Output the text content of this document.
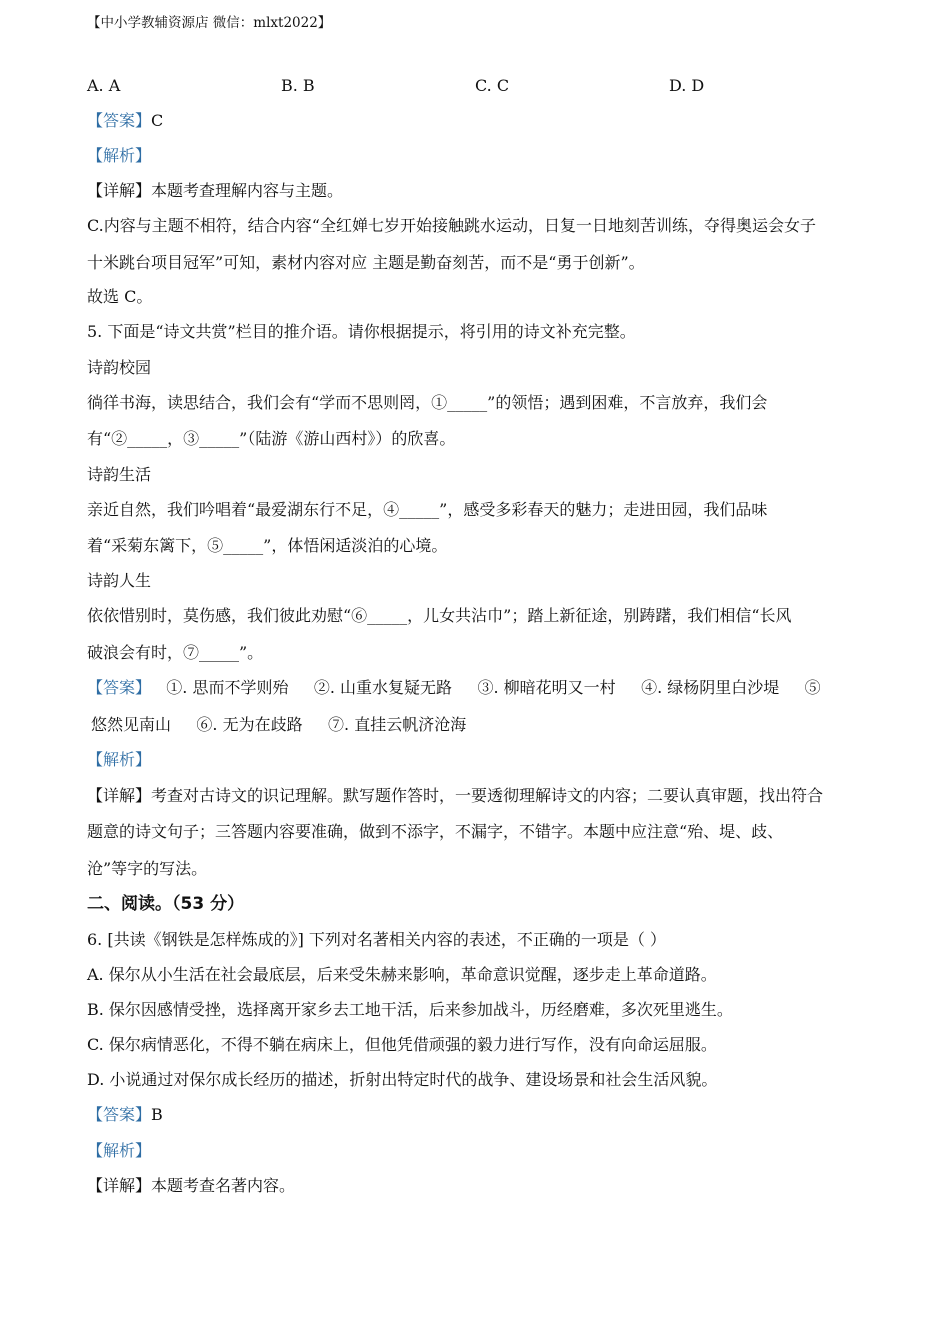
【中小学教辅资源店 微信：mlxt2022】
A. A	B. B	C. C	D. D
【答案】C
【解析】
【详解】本题考查理解内容与主题。
C.内容与主题不相符，结合内容“全红婵七岁开始接触跳水运动，日复一日地刻苦训练，夺得奥运会女子
十米跳台项目冠军”可知，素材内容对应 主题是勤奋刻苦，而不是“勇于创新”。
故选 C。
5. 下面是“诗文共赏”栏目的推介语。请你根据提示，将引用的诗文补充完整。
诗韵校园
徜徉书海，读思结合，我们会有“学而不思则罔，①_____”的领悟；遇到困难，不言放弃，我们会
有“②_____，③_____”（陆游《游山西村》）的欣喜。
诗韵生活
亲近自然，我们吟唱着“最爱湖东行不足，④_____”，感受多彩春天的魅力；走进田园，我们品味
着“采菊东篱下，⑤_____”，体悟闲适淡泊的心境。
诗韵人生
依依惜别时，莫伤感，我们彼此劝慰“⑥_____，儿女共沾巾”；踏上新征途，别踌躇，我们相信“长风
破浪会有时，⑦_____”。
【答案】   ①. 思而不学则殆     ②. 山重水复疑无路     ③. 柳暗花明又一村     ④. 绿杨阴里白沙堤     ⑤
悠然见南山     ⑥. 无为在歧路     ⑦. 直挂云帆济沧海
【解析】
【详解】考查对古诗文的识记理解。默写题作答时，一要透彻理解诗文的内容；二要认真审题，找出符合
题意的诗文句子；三答题内容要准确，做到不添字，不漏字，不错字。本题中应注意“殆、堤、歧、
沧”等字的写法。
二、阅读。（53 分）
6. [共读《钢铁是怎样炼成的》] 下列对名著相关内容的表述，不正确的一项是（ ）
A. 保尔从小生活在社会最底层，后来受朱赫来影响，革命意识觉醒，逐步走上革命道路。
B. 保尔因感情受挫，选择离开家乡去工地干活，后来参加战斗，历经磨难，多次死里逃生。
C. 保尔病情恶化，不得不躺在病床上，但他凭借顽强的毅力进行写作，没有向命运屈服。
D. 小说通过对保尔成长经历的描述，折射出特定时代的战争、建设场景和社会生活风貌。
【答案】B
【解析】
【详解】本题考查名著内容。
